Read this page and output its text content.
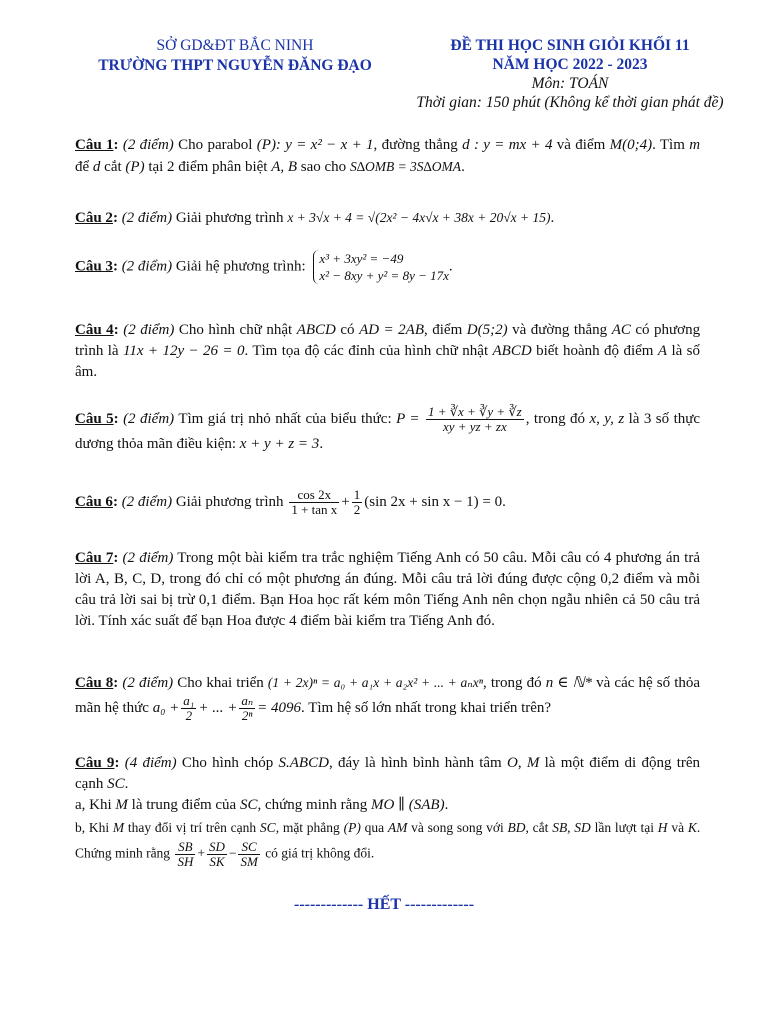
SỞ GD&ĐT BẮC NINH
TRƯỜNG THPT NGUYỄN ĐĂNG ĐẠO
ĐỀ THI HỌC SINH GIỎI KHỐI 11
NĂM HỌC 2022 - 2023
Môn: TOÁN
Thời gian: 150 phút (Không kể thời gian phát đề)
Câu 1: (2 điểm) Cho parabol (P): y = x² − x + 1, đường thẳng d : y = mx + 4 và điểm M(0;4). Tìm m để d cắt (P) tại 2 điểm phân biệt A, B sao cho S∆OMB = 3S∆OMA.
Câu 2: (2 điểm) Giải phương trình x + 3√x + 4 = √(2x² − 4x√x + 38x + 20√x + 15).
Câu 3: (2 điểm) Giải hệ phương trình: x³ + 3xy² = −49
x² − 8xy + y² = 8y − 17x
.
Câu 4: (2 điểm) Cho hình chữ nhật ABCD có AD = 2AB, điểm D(5;2) và đường thẳng AC có phương trình là 11x + 12y − 26 = 0. Tìm tọa độ các đỉnh của hình chữ nhật ABCD biết hoành độ điểm A là số âm.
Câu 5: (2 điểm) Tìm giá trị nhỏ nhất của biểu thức: $P = \frac{1 + ∛x + ∛y + ∛z}{xy + yz + zx}$ , trong đó x, y, z là 3 số thực dương thỏa mãn điều kiện: x + y + z = 3.
Câu 6: (2 điểm) Giải phương trình $\frac{\cos 2x}{\text{1 + tan x}} + \frac{1}{2} (\sin$ 2x + sin x − 1) = 0.
Câu 7: (2 điểm) Trong một bài kiểm tra trắc nghiệm Tiếng Anh có 50 câu. Mỗi câu có 4 phương án trả lời A, B, C, D, trong đó chỉ có một phương án đúng. Mỗi câu trả lời đúng được cộng 0,2 điểm và mỗi câu trả lời sai bị trừ 0,1 điểm. Bạn Hoa học rất kém môn Tiếng Anh nên chọn ngẫu nhiên cả 50 câu trả lời. Tính xác suất để bạn Hoa được 4 điểm bài kiểm tra Tiếng Anh đó.
Câu 8: (2 điểm) Cho khai triển (1 + 2x)ⁿ = a₀ + a₁x + a₂x² + ... + aₙxⁿ, trong đó n ∈ ℕ* và các hệ số thỏa mãn hệ thức $a_0 + \frac{\text{a₁}}{2}$ + ... + $\frac{\text{aₙ}}{\text{2ⁿ}} = 4096$. Tìm hệ số lớn nhất trong khai triển trên?
Câu 9: (4 điểm) Cho hình chóp S.ABCD, đáy là hình bình hành tâm O, M là một điểm di động trên cạnh SC.
a, Khi M là trung điểm của SC, chứng minh rằng MO ∥ (SAB).
b, Khi M thay đổi vị trí trên cạnh SC, mặt phẳng (P) qua AM và song song với BD, cắt SB, SD lần lượt tại H và K. Chứng minh rằng $\frac{SB}{SH} + \frac{SD}{SK} - \frac{SC}{SM}$ có giá trị không đổi.
------------- HẾT -------------
